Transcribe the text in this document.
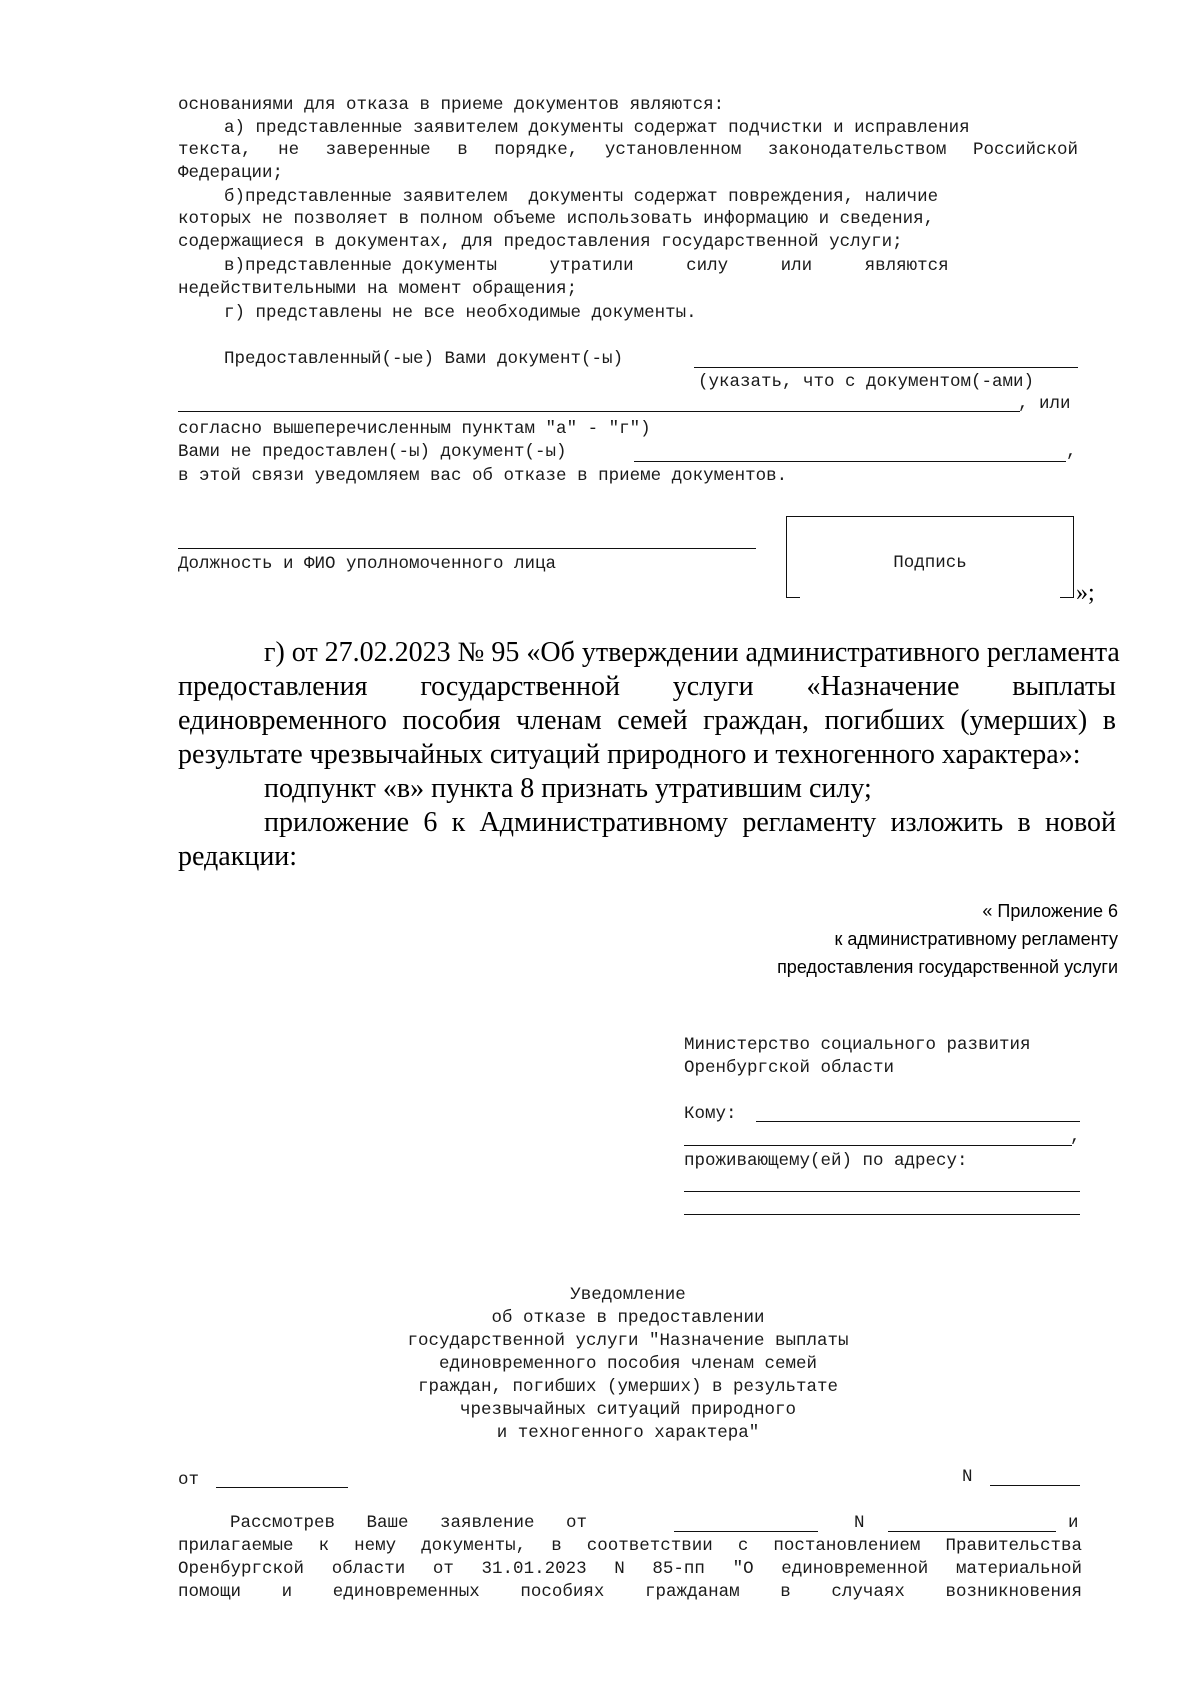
основаниями для отказа в приеме документов являются:
а) представленные заявителем документы содержат подчистки и исправления
текста, не заверенные в порядке, установленном законодательством Российской
Федерации;
б)представленные заявителем  документы содержат повреждения, наличие
которых не позволяет в полном объеме использовать информацию и сведения,
содержащиеся в документах, для предоставления государственной услуги;
в)представленные документы     утратили     силу     или     являются
недействительными на момент обращения;
г) представлены не все необходимые документы.
Предоставленный(-ые) Вами документ(-ы)
(указать, что с документом(-ами)
, или
согласно вышеперечисленным пунктам "а" - "г")
Вами не предоставлен(-ы) документ(-ы)	,
в этой связи уведомляем вас об отказе в приеме документов.
Должность и ФИО уполномоченного лица	Подпись
»;
г) от 27.02.2023 № 95 «Об утверждении административного регламента
предоставления государственной услуги «Назначение выплаты
единовременного пособия членам семей граждан, погибших (умерших) в
результате чрезвычайных ситуаций природного и техногенного характера»:
подпункт «в» пункта 8 признать утратившим силу;
приложение 6 к Административному регламенту изложить в новой
редакции:
« Приложение 6
к административному регламенту
предоставления государственной услуги
Министерство социального развития
Оренбургской области
Кому:
,
проживающему(ей) по адресу:
Уведомление
об отказе в предоставлении
государственной услуги "Назначение выплаты
единовременного пособия членам семей
граждан, погибших (умерших) в результате
чрезвычайных ситуаций природного
и техногенного характера"
от	N
Рассмотрев   Ваше   заявление   от	N	и
прилагаемые к нему документы, в соответствии с постановлением Правительства
Оренбургской области от 31.01.2023 N 85-пп "О единовременной материальной
помощи и единовременных пособиях гражданам в случаях возникновения
